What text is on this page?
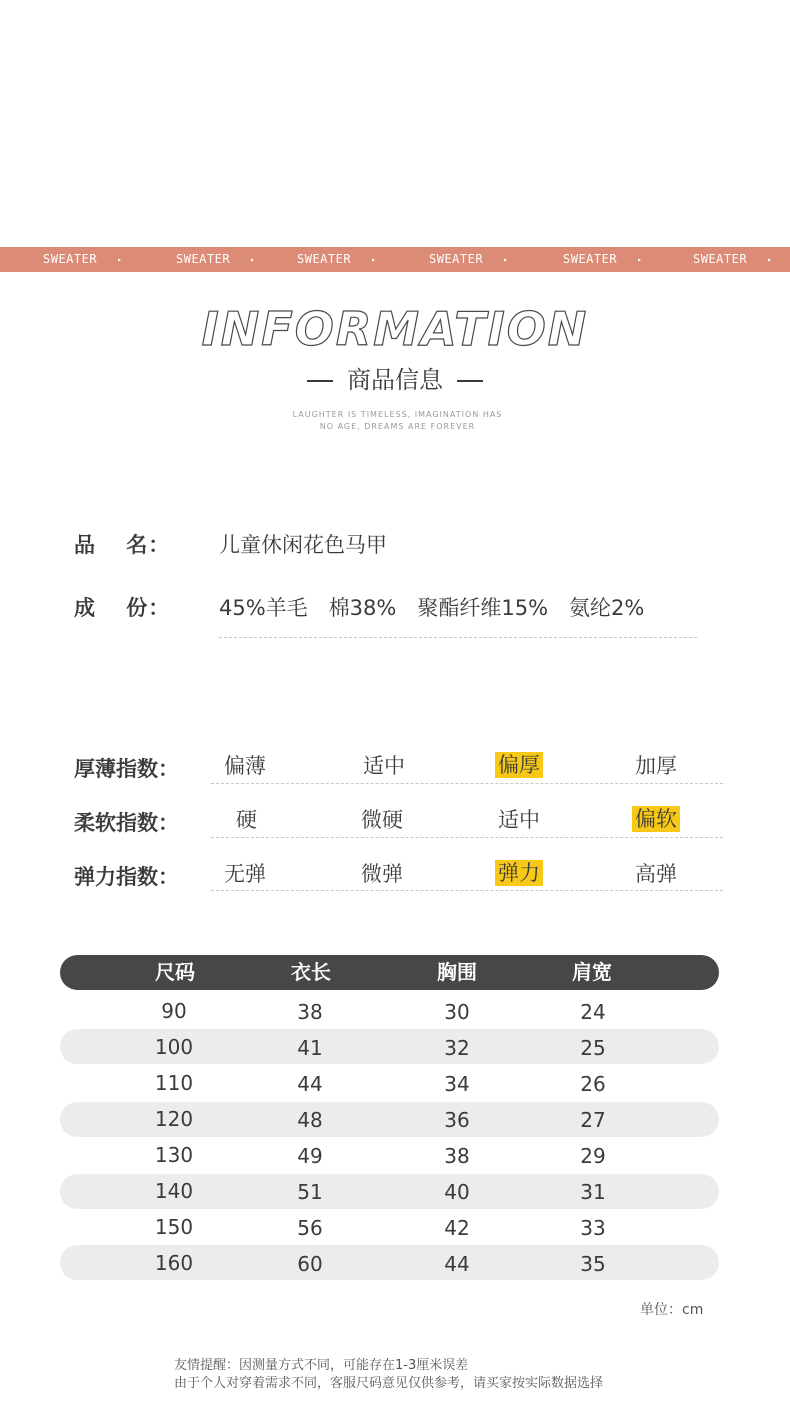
SWEATER	▸	SWEATER	▸	SWEATER	▸	SWEATER	▸	SWEATER	▸	SWEATER	▸
INFORMATION
商品信息
LAUGHTER IS TIMELESS, IMAGINATION HAS
NO AGE, DREAMS ARE FOREVER
品　 名： 儿童休闲花色马甲
成　 份： 45%羊毛　棉38%　聚酯纤维15%　氨纶2%
厚薄指数： 偏薄	适中	偏厚	加厚
柔软指数：	硬	微硬	适中	偏软
弹力指数： 无弹	微弹	弹力	高弹
尺码	衣长	胸围	肩宽
90	38	30	24
100	41	32	25
110	44	34	26
120	48	36	27
130	49	38	29
140	51	40	31
150	56	42	33
160	60	44	35
单位：cm
友情提醒：因测量方式不同，可能存在1-3厘米误差
由于个人对穿着需求不同，客服尺码意见仅供参考，请买家按实际数据选择
